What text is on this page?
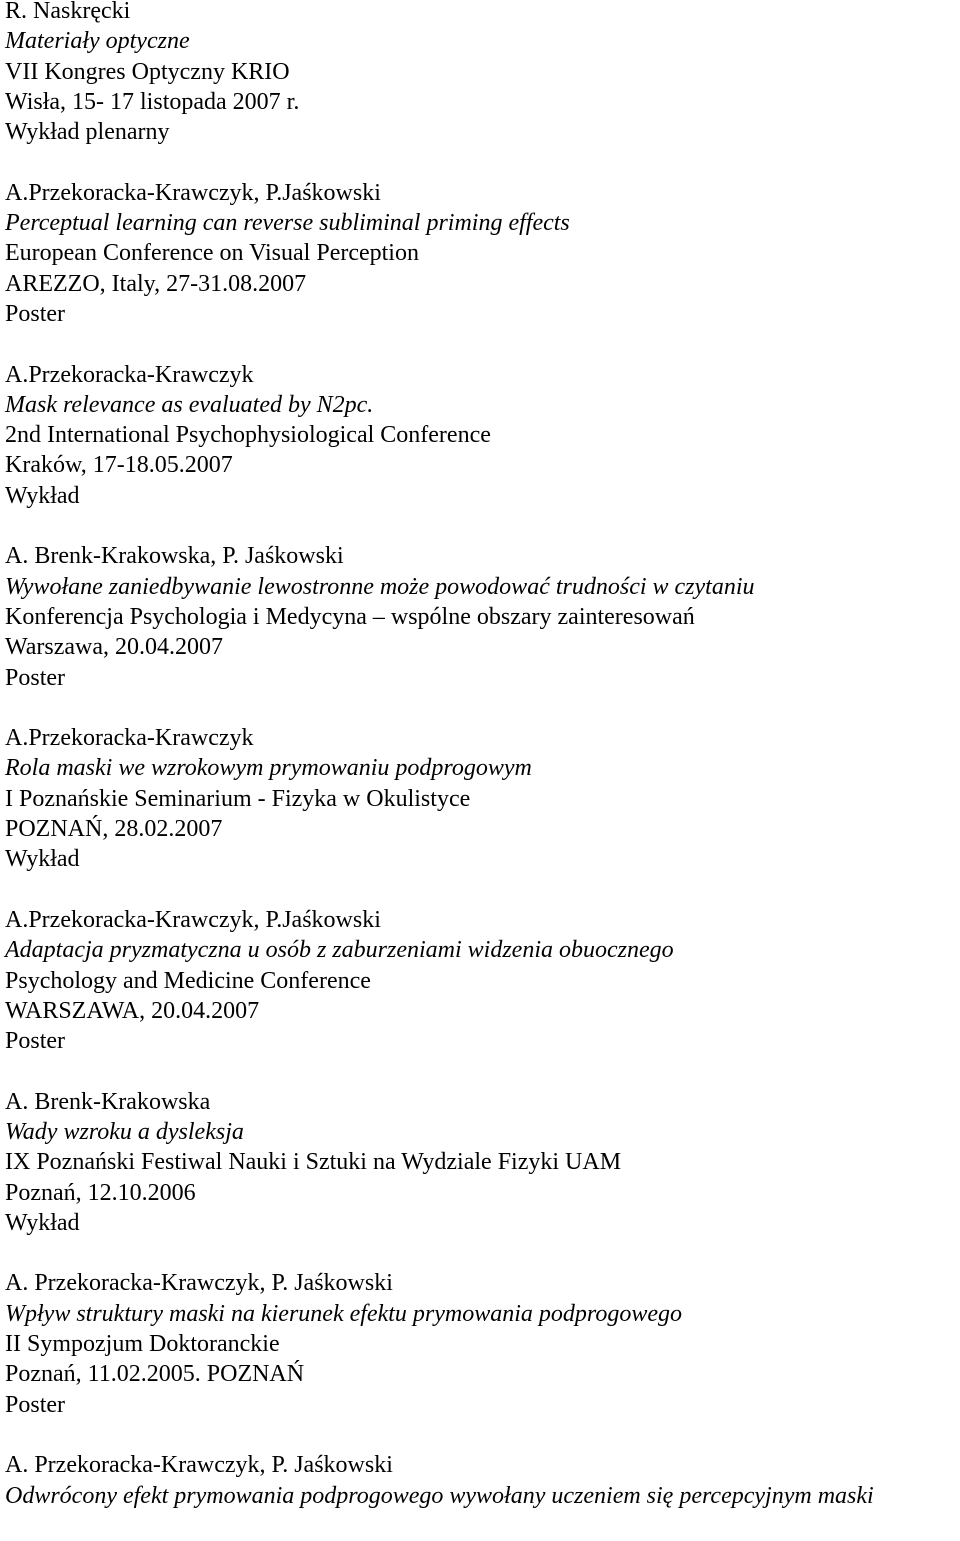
R. Naskręcki
Materiały optyczne
VII Kongres Optyczny KRIO
Wisła, 15- 17 listopada 2007 r.
Wykład plenarny
A.Przekoracka-Krawczyk, P.Jaśkowski
Perceptual learning can reverse subliminal priming effects
European Conference on Visual Perception
AREZZO, Italy, 27-31.08.2007
Poster
A.Przekoracka-Krawczyk
Mask relevance as evaluated by N2pc.
2nd International Psychophysiological Conference
Kraków, 17-18.05.2007
Wykład
A. Brenk-Krakowska, P. Jaśkowski
Wywołane zaniedbywanie lewostronne może powodować trudności w czytaniu
Konferencja Psychologia i Medycyna – wspólne obszary zainteresowań
Warszawa, 20.04.2007
Poster
A.Przekoracka-Krawczyk
Rola maski we wzrokowym prymowaniu podprogowym
I Poznańskie Seminarium - Fizyka w Okulistyce
POZNAŃ, 28.02.2007
Wykład
A.Przekoracka-Krawczyk, P.Jaśkowski
Adaptacja pryzmatyczna u osób z zaburzeniami widzenia obuocznego
Psychology and Medicine Conference
WARSZAWA, 20.04.2007
Poster
A. Brenk-Krakowska
Wady wzroku a dysleksja
IX Poznański Festiwal Nauki i Sztuki na Wydziale Fizyki UAM
Poznań, 12.10.2006
Wykład
A. Przekoracka-Krawczyk, P. Jaśkowski
Wpływ struktury maski na kierunek efektu prymowania podprogowego
II Sympozjum Doktoranckie
Poznań, 11.02.2005. POZNAŃ
Poster
A. Przekoracka-Krawczyk, P. Jaśkowski
Odwrócony efekt prymowania podprogowego wywołany uczeniem się percepcyjnym maski
